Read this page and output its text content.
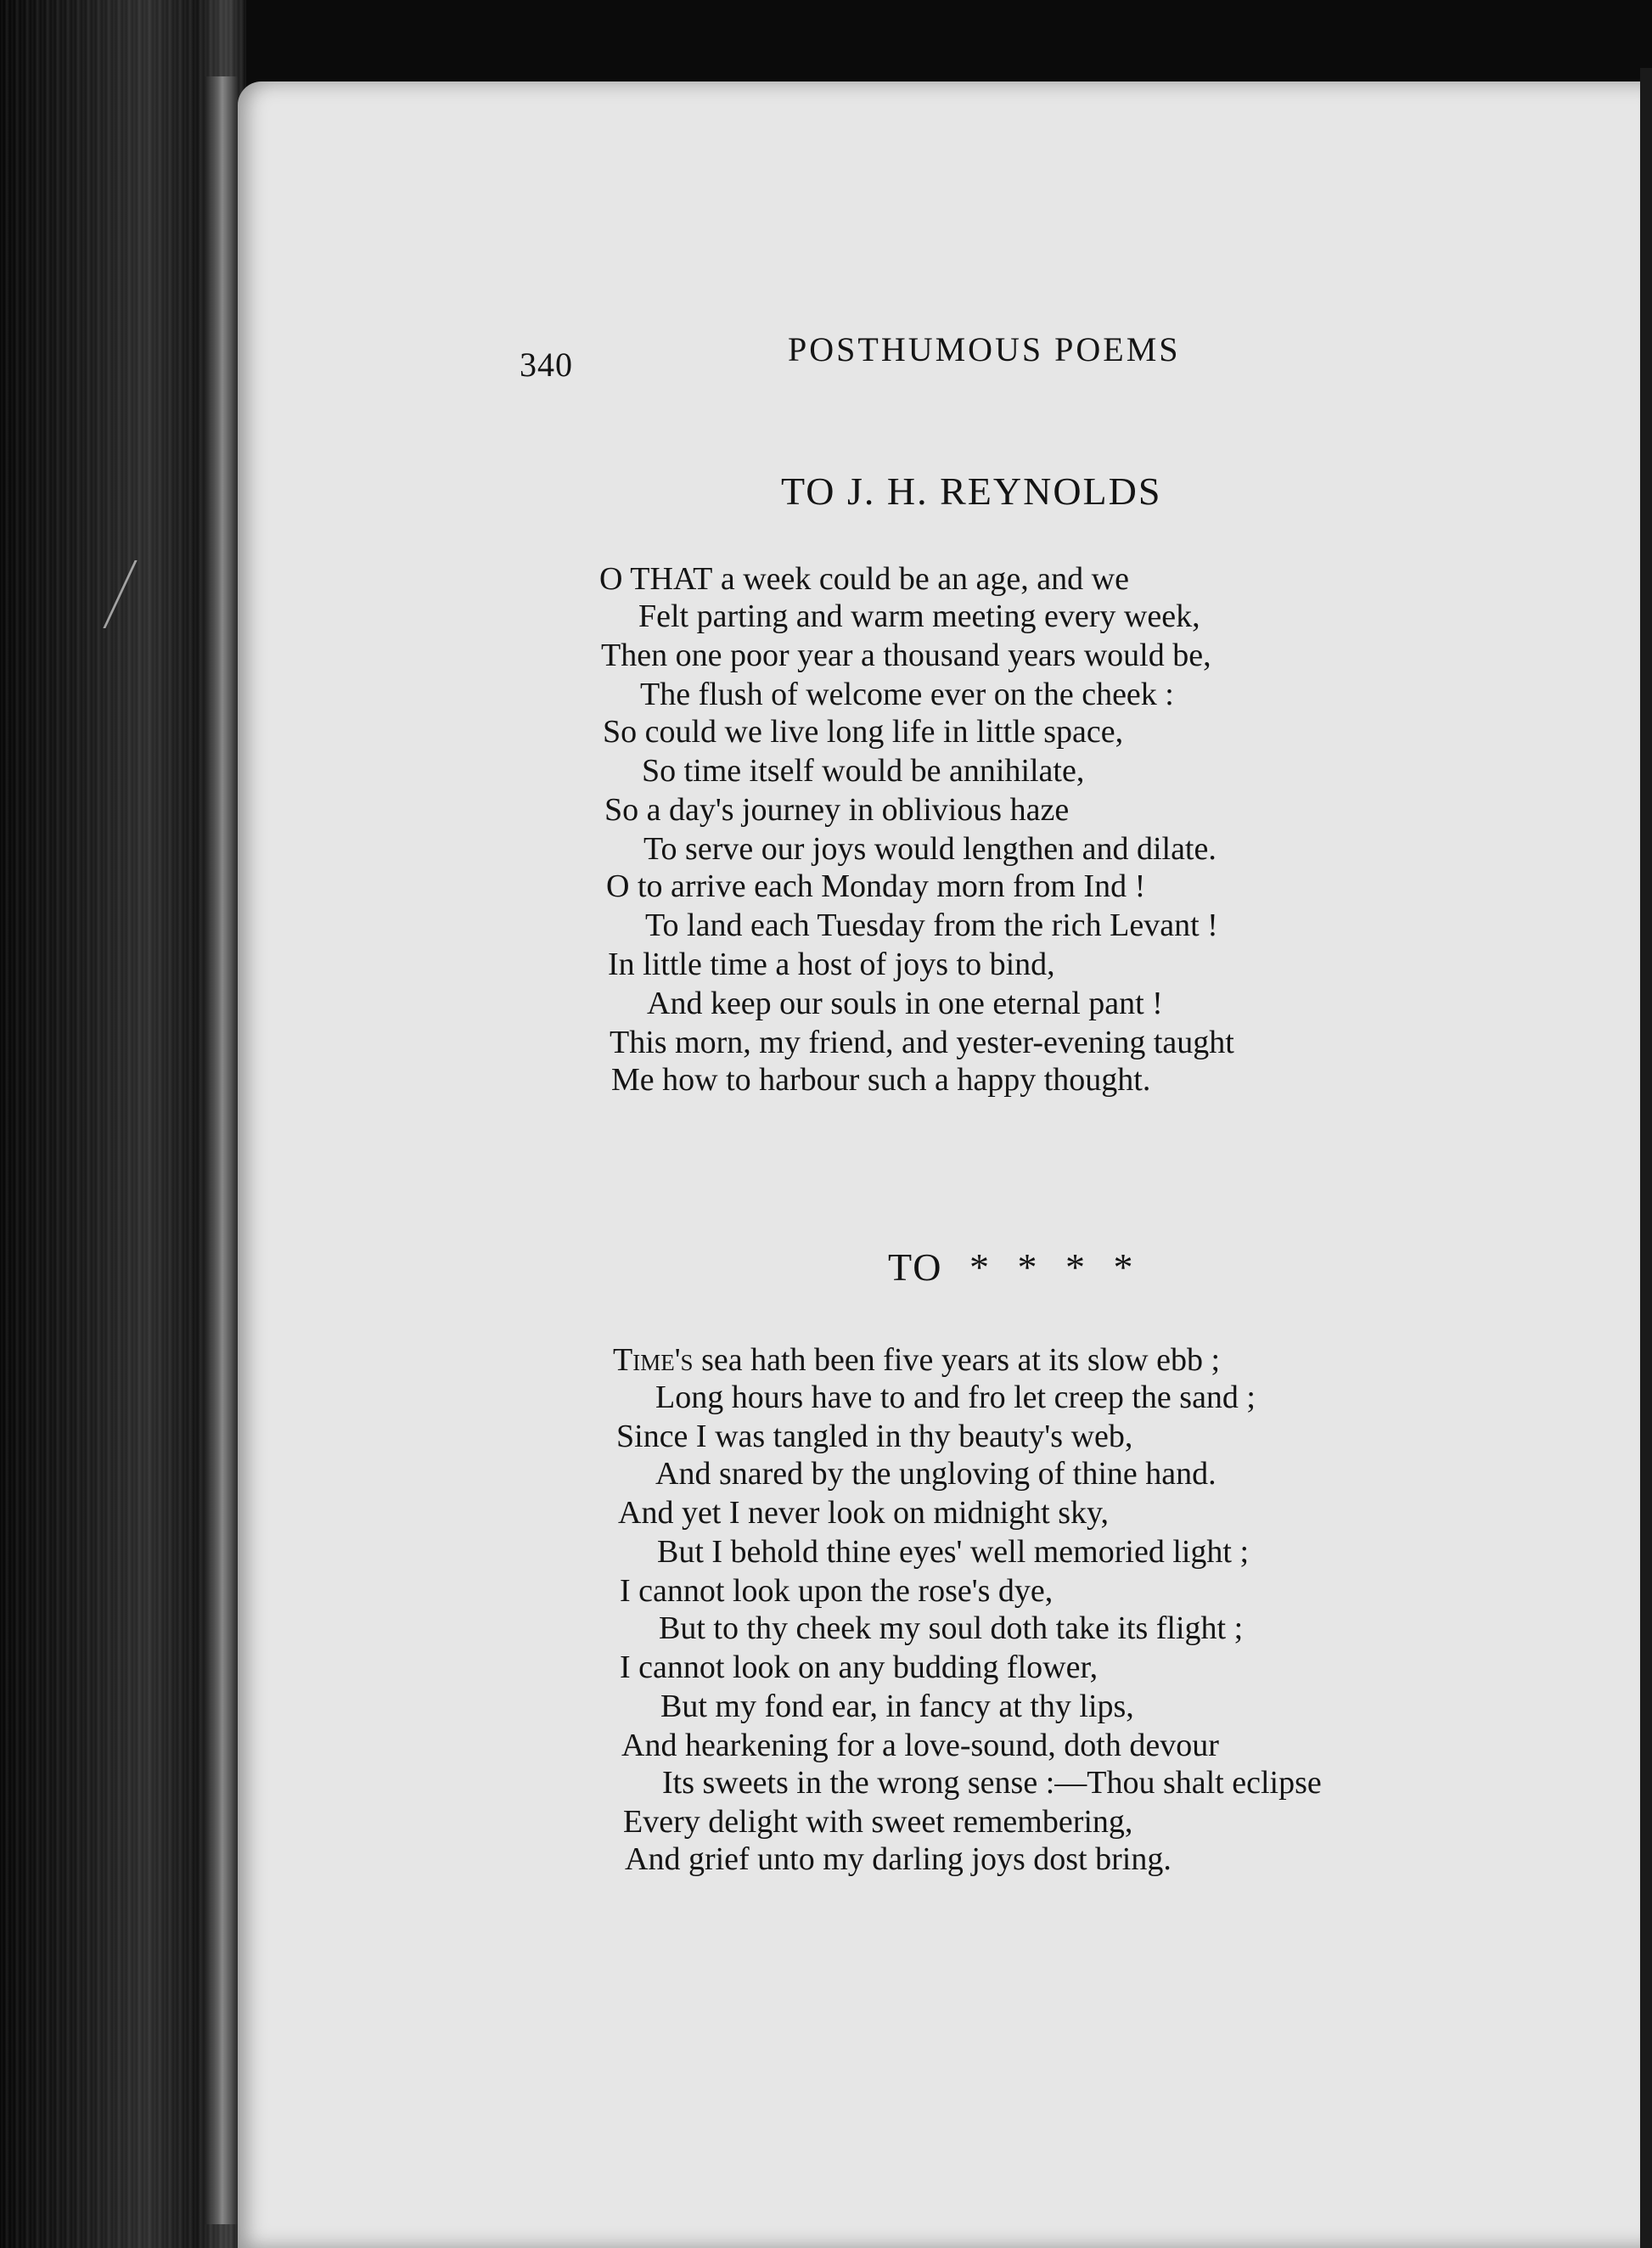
340	POSTHUMOUS POEMS
TO J. H. REYNOLDS
O THAT a week could be an age, and we
Felt parting and warm meeting every week,
Then one poor year a thousand years would be,
The flush of welcome ever on the cheek :
So could we live long life in little space,
So time itself would be annihilate,
So a day's journey in oblivious haze
To serve our joys would lengthen and dilate.
O to arrive each Monday morn from Ind !
To land each Tuesday from the rich Levant !
In little time a host of joys to bind,
And keep our souls in one eternal pant !
This morn, my friend, and yester-evening taught
Me how to harbour such a happy thought.
TO * * * *
Time's sea hath been five years at its slow ebb ;
Long hours have to and fro let creep the sand ;
Since I was tangled in thy beauty's web,
And snared by the ungloving of thine hand.
And yet I never look on midnight sky,
But I behold thine eyes' well memoried light ;
I cannot look upon the rose's dye,
But to thy cheek my soul doth take its flight ;
I cannot look on any budding flower,
But my fond ear, in fancy at thy lips,
And hearkening for a love-sound, doth devour
Its sweets in the wrong sense :—Thou shalt eclipse
Every delight with sweet remembering,
And grief unto my darling joys dost bring.
